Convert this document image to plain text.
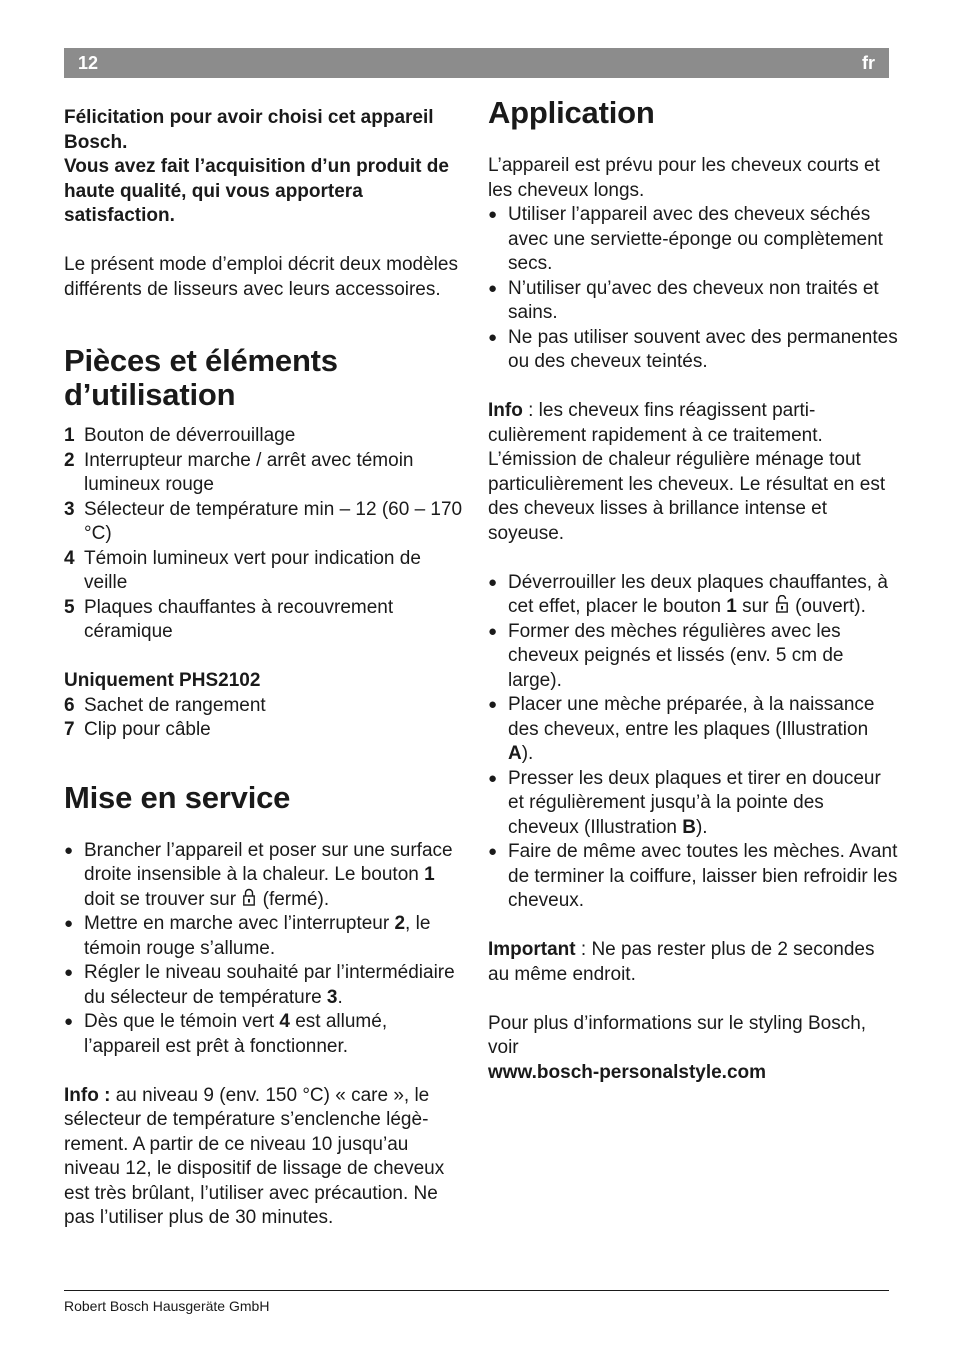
12	fr

Félicitation pour avoir choisi cet appareil Bosch.

Vous avez fait l’acquisition d’un produit de haute qualité, qui vous apportera satisfaction.

Le présent mode d’emploi décrit deux modèles différents de lisseurs avec leurs accessoires.

Pièces et éléments
d’utilisation
1 Bouton de déverrouillage
2 Interrupteur marche / arrêt avec témoin lumineux rouge
3 Sélecteur de température min – 12 (60 – 170 °C)
4 Témoin lumineux vert pour indication de veille
5 Plaques chauffantes à recouvrement céramique

Uniquement PHS2102

6 Sachet de rangement
7 Clip pour câble
Mise en service
● Brancher l’appareil et poser sur une surface droite insensible à la chaleur. Le bouton 1 doit se trouver sur
(fermé).
● Mettre en marche avec l’interrupteur 2, le témoin rouge s’allume.
● Régler le niveau souhaité par l’intermédiaire du sélecteur de température 3.
● Dès que le témoin vert 4 est allumé, l’appareil est prêt à fonctionner.

Info : au niveau 9 (env. 150 °C) « care », le sélecteur de température s’enclenche légèrement. A partir de ce niveau 10 jusqu’au niveau 12, le dispositif de lissage de cheveux est très brûlant, l’utiliser avec précaution. Ne pas l’utiliser plus de 30 minutes.

Application

L’appareil est prévu pour les cheveux courts et les cheveux longs.

● Utiliser l’appareil avec des cheveux séchés avec une serviette-éponge ou complètement secs.
● N’utiliser qu’avec des cheveux non traités et sains.
● Ne pas utiliser souvent avec des permanentes ou des cheveux teintés.

Info : les cheveux fins réagissent particulièrement rapidement à ce traitement. L’émission de chaleur régulière ménage tout particulièrement les cheveux. Le résultat en est des cheveux lisses à brillance intense et soyeuse.

● Déverrouiller les deux plaques chauffantes, à cet effet, placer le bouton 1 sur
(ouvert).
● Former des mèches régulières avec les cheveux peignés et lissés (env. 5 cm de large).
● Placer une mèche préparée, à la naissance des cheveux, entre les plaques (Illustration A).
● Presser les deux plaques et tirer en douceur et régulièrement jusqu’à la pointe des cheveux (Illustration B).
● Faire de même avec toutes les mèches. Avant de terminer la coiffure, laisser bien refroidir les cheveux.

Important : Ne pas rester plus de 2 secondes au même endroit.

Pour plus d’informations sur le styling Bosch, voir

www.bosch-personalstyle.com

Robert Bosch Hausgeräte GmbH
